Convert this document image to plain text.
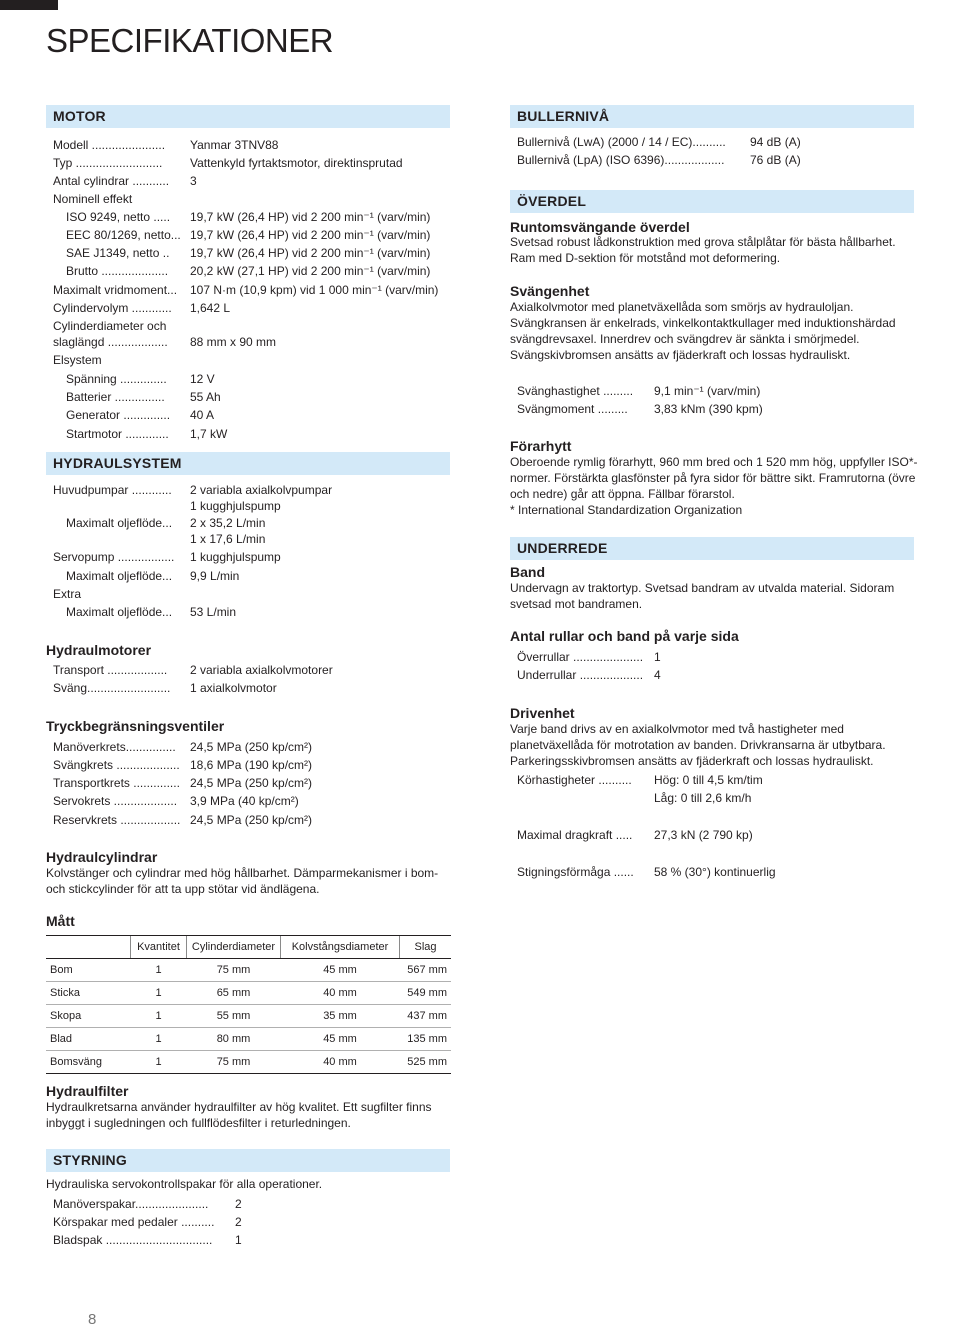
SPECIFIKATIONER
MOTOR
Modell ...................... Yanmar 3TNV88
Typ .......................... Vattenkyld fyrtaktsmotor, direktinsprutad
Antal cylindrar ........... 3
Nominell effekt
ISO 9249, netto ..... 19,7 kW (26,4 HP) vid 2 200 min⁻¹ (varv/min)
EEC 80/1269, netto... 19,7 kW (26,4 HP) vid 2 200 min⁻¹ (varv/min)
SAE J1349, netto .. 19,7 kW (26,4 HP) vid 2 200 min⁻¹ (varv/min)
Brutto .................... 20,2 kW (27,1 HP) vid 2 200 min⁻¹ (varv/min)
Maximalt vridmoment... 107 N·m (10,9 kpm) vid 1 000 min⁻¹ (varv/min)
Cylindervolym ............ 1,642 L
Cylinderdiameter och
slaglängd .................. 88 mm x 90 mm
Elsystem
Spänning .............. 12 V
Batterier ............... 55 Ah
Generator .............. 40 A
Startmotor ............. 1,7 kW
HYDRAULSYSTEM
Huvudpumpar ............ 2 variabla axialkolvpumpar
1 kugghjulspump
Maximalt oljeflöde... 2 x 35,2 L/min
1 x 17,6 L/min
Servopump ................. 1 kugghjulspump
Maximalt oljeflöde... 9,9 L/min
Extra
Maximalt oljeflöde... 53 L/min
Hydraulmotorer
Transport .................. 2 variabla axialkolvmotorer
Sväng......................... 1 axialkolvmotor
Tryckbegränsningsventiler
Manöverkrets............... 24,5 MPa (250 kp/cm²)
Svängkrets ................... 18,6 MPa (190 kp/cm²)
Transportkrets .............. 24,5 MPa (250 kp/cm²)
Servokrets ................... 3,9 MPa (40 kp/cm²)
Reservkrets .................. 24,5 MPa (250 kp/cm²)
Hydraulcylindrar
Kolvstänger och cylindrar med hög hållbarhet. Dämparmekanismer i bom- och stickcylinder för att ta upp stötar vid ändlägena.
Mått
	Kvantitet	Cylinderdiameter	Kolvstångsdiameter	Slag
Bom	1	75 mm	45 mm	567 mm
Sticka	1	65 mm	40 mm	549 mm
Skopa	1	55 mm	35 mm	437 mm
Blad	1	80 mm	45 mm	135 mm
Bomsväng	1	75 mm	40 mm	525 mm
Hydraulfilter
Hydraulkretsarna använder hydraulfilter av hög kvalitet. Ett sugfilter finns inbyggt i sugledningen och fullflödesfilter i returledningen.
STYRNING
Hydrauliska servokontrollspakar för alla operationer.
Manöverspakar...................... 2
Körspakar med pedaler .......... 2
Bladspak ................................ 1
8
BULLERNIVÅ
Bullernivå (LwA) (2000 / 14 / EC).......... 94 dB (A)
Bullernivå (LpA) (ISO 6396).................. 76 dB (A)
ÖVERDEL
Runtomsvängande överdel
Svetsad robust lådkonstruktion med grova stålplåtar för bästa hållbarhet. Ram med D-sektion för motstånd mot deformering.
Svängenhet
Axialkolvmotor med planetväxellåda som smörjs av hydrauloljan. Svängkransen är enkelrads, vinkelkontaktkullager med induktionshärdad svängdrevsaxel. Innerdrev och svängdrev är sänkta i smörjmedel. Svängskivbromsen ansätts av fjäderkraft och lossas hydrauliskt.
Svänghastighet ......... 9,1 min⁻¹ (varv/min)
Svängmoment ......... 3,83 kNm (390 kpm)
Förarhytt
Oberoende rymlig förarhytt, 960 mm bred och 1 520 mm hög, uppfyller ISO*-normer. Förstärkta glasfönster på fyra sidor för bättre sikt. Framrutorna (övre och nedre) går att öppna. Fällbar förarstol.
* International Standardization Organization
UNDERREDE
Band
Undervagn av traktortyp. Svetsad bandram av utvalda material. Sidoram svetsad mot bandramen.
Antal rullar och band på varje sida
Överrullar ..................... 1
Underrullar ................... 4
Drivenhet
Varje band drivs av en axialkolvmotor med två hastigheter med planetväxellåda för motrotation av banden. Drivkransarna är utbytbara. Parkeringsskivbromsen ansätts av fjäderkraft och lossas hydrauliskt.
Körhastigheter .......... Hög: 0 till 4,5 km/tim
Låg: 0 till 2,6 km/h
Maximal dragkraft ..... 27,3 kN (2 790 kp)
Stigningsförmåga ...... 58 % (30°) kontinuerlig
